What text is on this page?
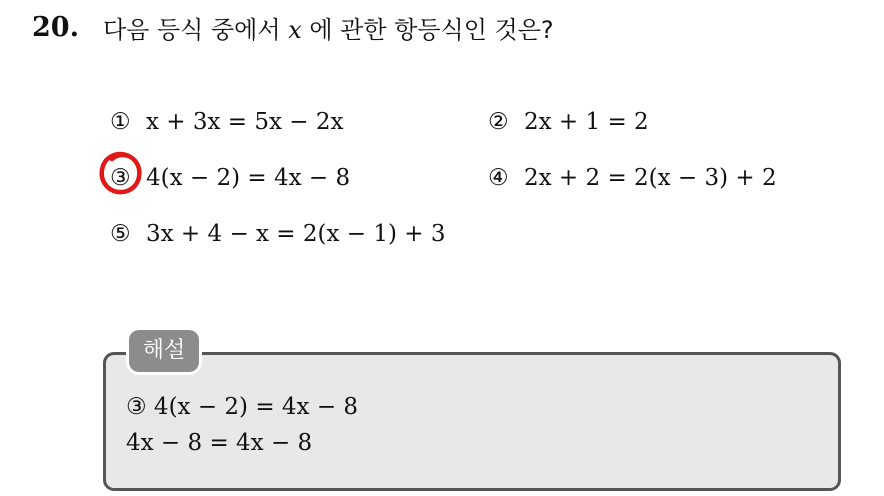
20. 다음 등식 중에서 x 에 관한 항등식인 것은?
① x + 3x = 5x − 2x	② 2x + 1 = 2
③ 4(x − 2) = 4x − 8	④ 2x + 2 = 2(x − 3) + 2
⑤ 3x + 4 − x = 2(x − 1) + 3
해설
③ 4(x − 2) = 4x − 8
4x − 8 = 4x − 8
